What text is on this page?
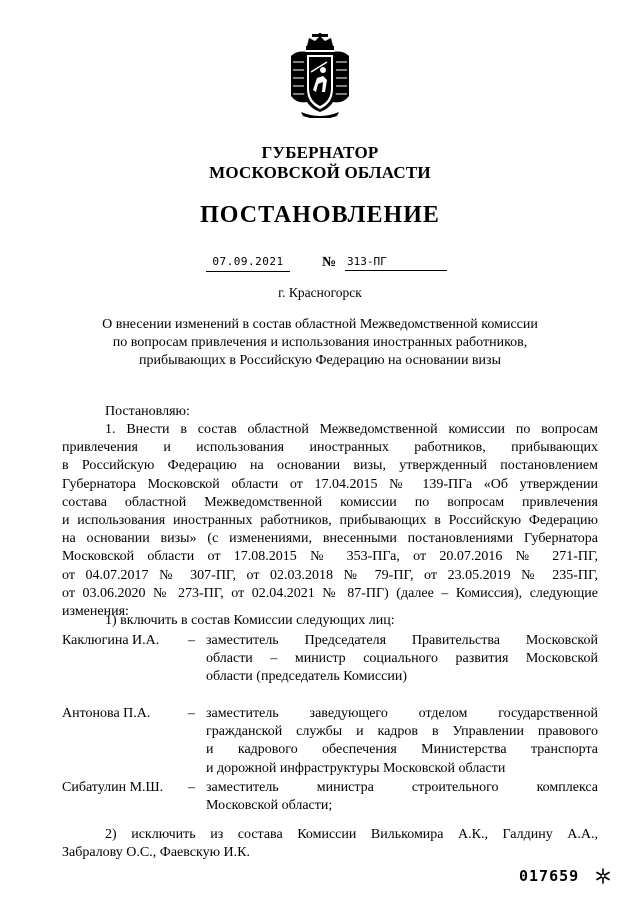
ГУБЕРНАТОР
МОСКОВСКОЙ ОБЛАСТИ
ПОСТАНОВЛЕНИЕ
07.09.2021	№ 313-ПГ
г. Красногорск
О внесении изменений в состав областной Межведомственной комиссии
по вопросам привлечения и использования иностранных работников,
прибывающих в Российскую Федерацию на основании визы
Постановляю:
1. Внести в состав областной Межведомственной комиссии по вопросам
привлечения и использования иностранных работников, прибывающих
в Российскую Федерацию на основании визы, утвержденный постановлением
Губернатора Московской области от 17.04.2015 № 139-ПГа «Об утверждении
состава областной Межведомственной комиссии по вопросам привлечения
и использования иностранных работников, прибывающих в Российскую Федерацию
на основании визы» (с изменениями, внесенными постановлениями Губернатора
Московской области от 17.08.2015 № 353-ПГа, от 20.07.2016 № 271-ПГ,
от 04.07.2017 № 307-ПГ, от 02.03.2018 № 79-ПГ, от 23.05.2019 № 235-ПГ,
от 03.06.2020 № 273-ПГ, от 02.04.2021 № 87-ПГ) (далее – Комиссия), следующие
изменения:
1) включить в состав Комиссии следующих лиц:
Каклюгина И.А. – заместитель Председателя Правительства Московской
области – министр социального развития Московской
области (председатель Комиссии)
Антонова П.А.	– заместитель заведующего отделом государственной
гражданской службы и кадров в Управлении правового
и кадрового обеспечения Министерства транспорта
и дорожной инфраструктуры Московской области
Сибатулин М.Ш. – заместитель министра строительного комплекса
Московской области;
2) исключить из состава Комиссии Вилькомира А.К., Галдину А.А.,
Забралову О.С., Фаевскую И.К.
017659
